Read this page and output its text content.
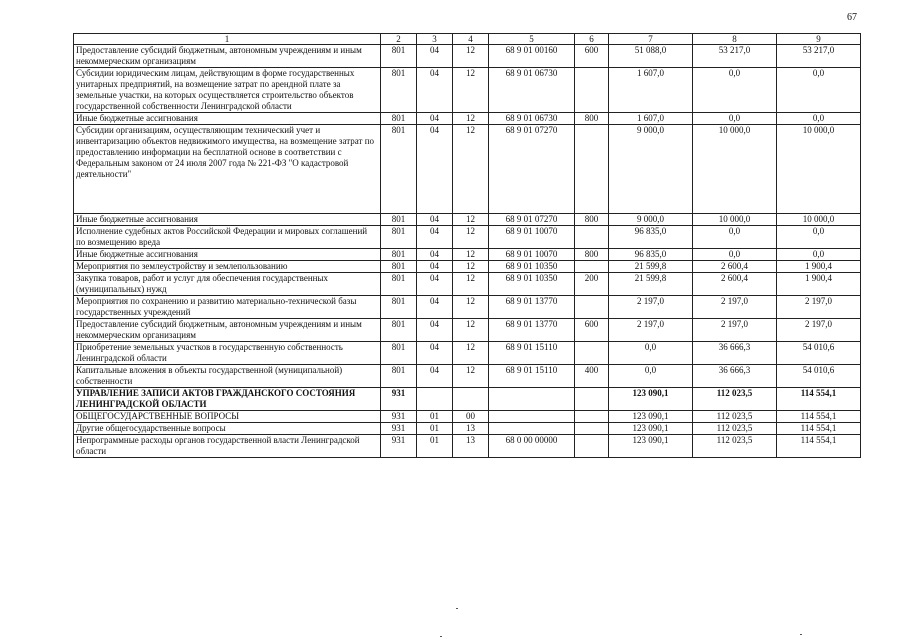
67
1	2	3	4	5	6	7	8	9
Предоставление субсидий бюджетным, автономным учреждениям и иным некоммерческим организациям	801	04	12	68 9 01 00160	600	51 088,0	53 217,0	53 217,0
Субсидии юридическим лицам, действующим в форме государственных унитарных предприятий, на возмещение затрат по арендной плате за земельные участки, на которых осуществляется строительство объектов государственной собственности Ленинградской области	801	04	12	68 9 01 06730		1 607,0	0,0	0,0
Иные бюджетные ассигнования	801	04	12	68 9 01 06730	800	1 607,0	0,0	0,0
Субсидии организациям, осуществляющим технический учет и инвентаризацию объектов недвижимого имущества, на возмещение затрат по предоставлению информации на бесплатной основе в соответствии с Федеральным законом от 24 июля 2007 года № 221-ФЗ "О кадастровой деятельности"	801	04	12	68 9 01 07270		9 000,0	10 000,0	10 000,0
Иные бюджетные ассигнования	801	04	12	68 9 01 07270	800	9 000,0	10 000,0	10 000,0
Исполнение судебных актов Российской Федерации и мировых соглашений по возмещению вреда	801	04	12	68 9 01 10070		96 835,0	0,0	0,0
Иные бюджетные ассигнования	801	04	12	68 9 01 10070	800	96 835,0	0,0	0,0
Мероприятия по землеустройству и землепользованию	801	04	12	68 9 01 10350		21 599,8	2 600,4	1 900,4
Закупка товаров, работ и услуг для обеспечения государственных (муниципальных) нужд	801	04	12	68 9 01 10350	200	21 599,8	2 600,4	1 900,4
Мероприятия по сохранению и развитию материально-технической базы государственных учреждений	801	04	12	68 9 01 13770		2 197,0	2 197,0	2 197,0
Предоставление субсидий бюджетным, автономным учреждениям и иным некоммерческим организациям	801	04	12	68 9 01 13770	600	2 197,0	2 197,0	2 197,0
Приобретение земельных участков в государственную собственность Ленинградской области	801	04	12	68 9 01 15110		0,0	36 666,3	54 010,6
Капитальные вложения в объекты государственной (муниципальной) собственности	801	04	12	68 9 01 15110	400	0,0	36 666,3	54 010,6
УПРАВЛЕНИЕ ЗАПИСИ АКТОВ ГРАЖДАНСКОГО СОСТОЯНИЯ ЛЕНИНГРАДСКОЙ ОБЛАСТИ	931					123 090,1	112 023,5	114 554,1
ОБЩЕГОСУДАРСТВЕННЫЕ ВОПРОСЫ	931	01	00			123 090,1	112 023,5	114 554,1
Другие общегосударственные вопросы	931	01	13			123 090,1	112 023,5	114 554,1
Непрограммные расходы органов государственной власти Ленинградской области	931	01	13	68 0 00 00000		123 090,1	112 023,5	114 554,1
